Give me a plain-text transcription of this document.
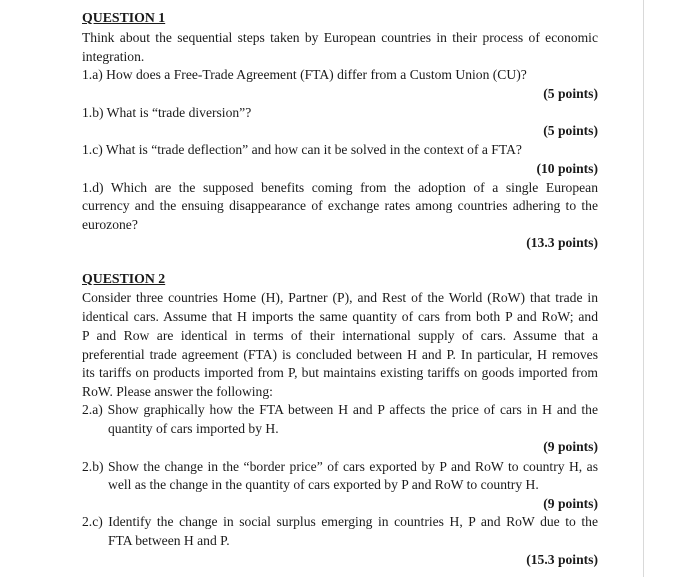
QUESTION 1

Think about the sequential steps taken by European countries in their process of economic

integration.

1.a) How does a Free-Trade Agreement (FTA) differ from a Custom Union (CU)?

(5 points)

1.b) What is “trade diversion”?

(5 points)

1.c) What is “trade deflection” and how can it be solved in the context of a FTA?

(10 points)

1.d) Which are the supposed benefits coming from the adoption of a single European

currency and the ensuing disappearance of exchange rates among countries adhering to the

eurozone?

(13.3 points)

QUESTION 2

Consider three countries Home (H), Partner (P), and Rest of the World (RoW) that trade in

identical cars. Assume that H imports the same quantity of cars from both P and RoW; and

P and Row are identical in terms of their international supply of cars. Assume that a

preferential trade agreement (FTA) is concluded between H and P. In particular, H removes

its tariffs on products imported from P, but maintains existing tariffs on goods imported from

RoW. Please answer the following:

2.a) Show graphically how the FTA between H and P affects the price of cars in H and the

quantity of cars imported by H.

(9 points)

2.b) Show the change in the “border price” of cars exported by P and RoW to country H, as

well as the change in the quantity of cars exported by P and RoW to country H.

(9 points)

2.c) Identify the change in social surplus emerging in countries H, P and RoW due to the

FTA between H and P.

(15.3 points)
